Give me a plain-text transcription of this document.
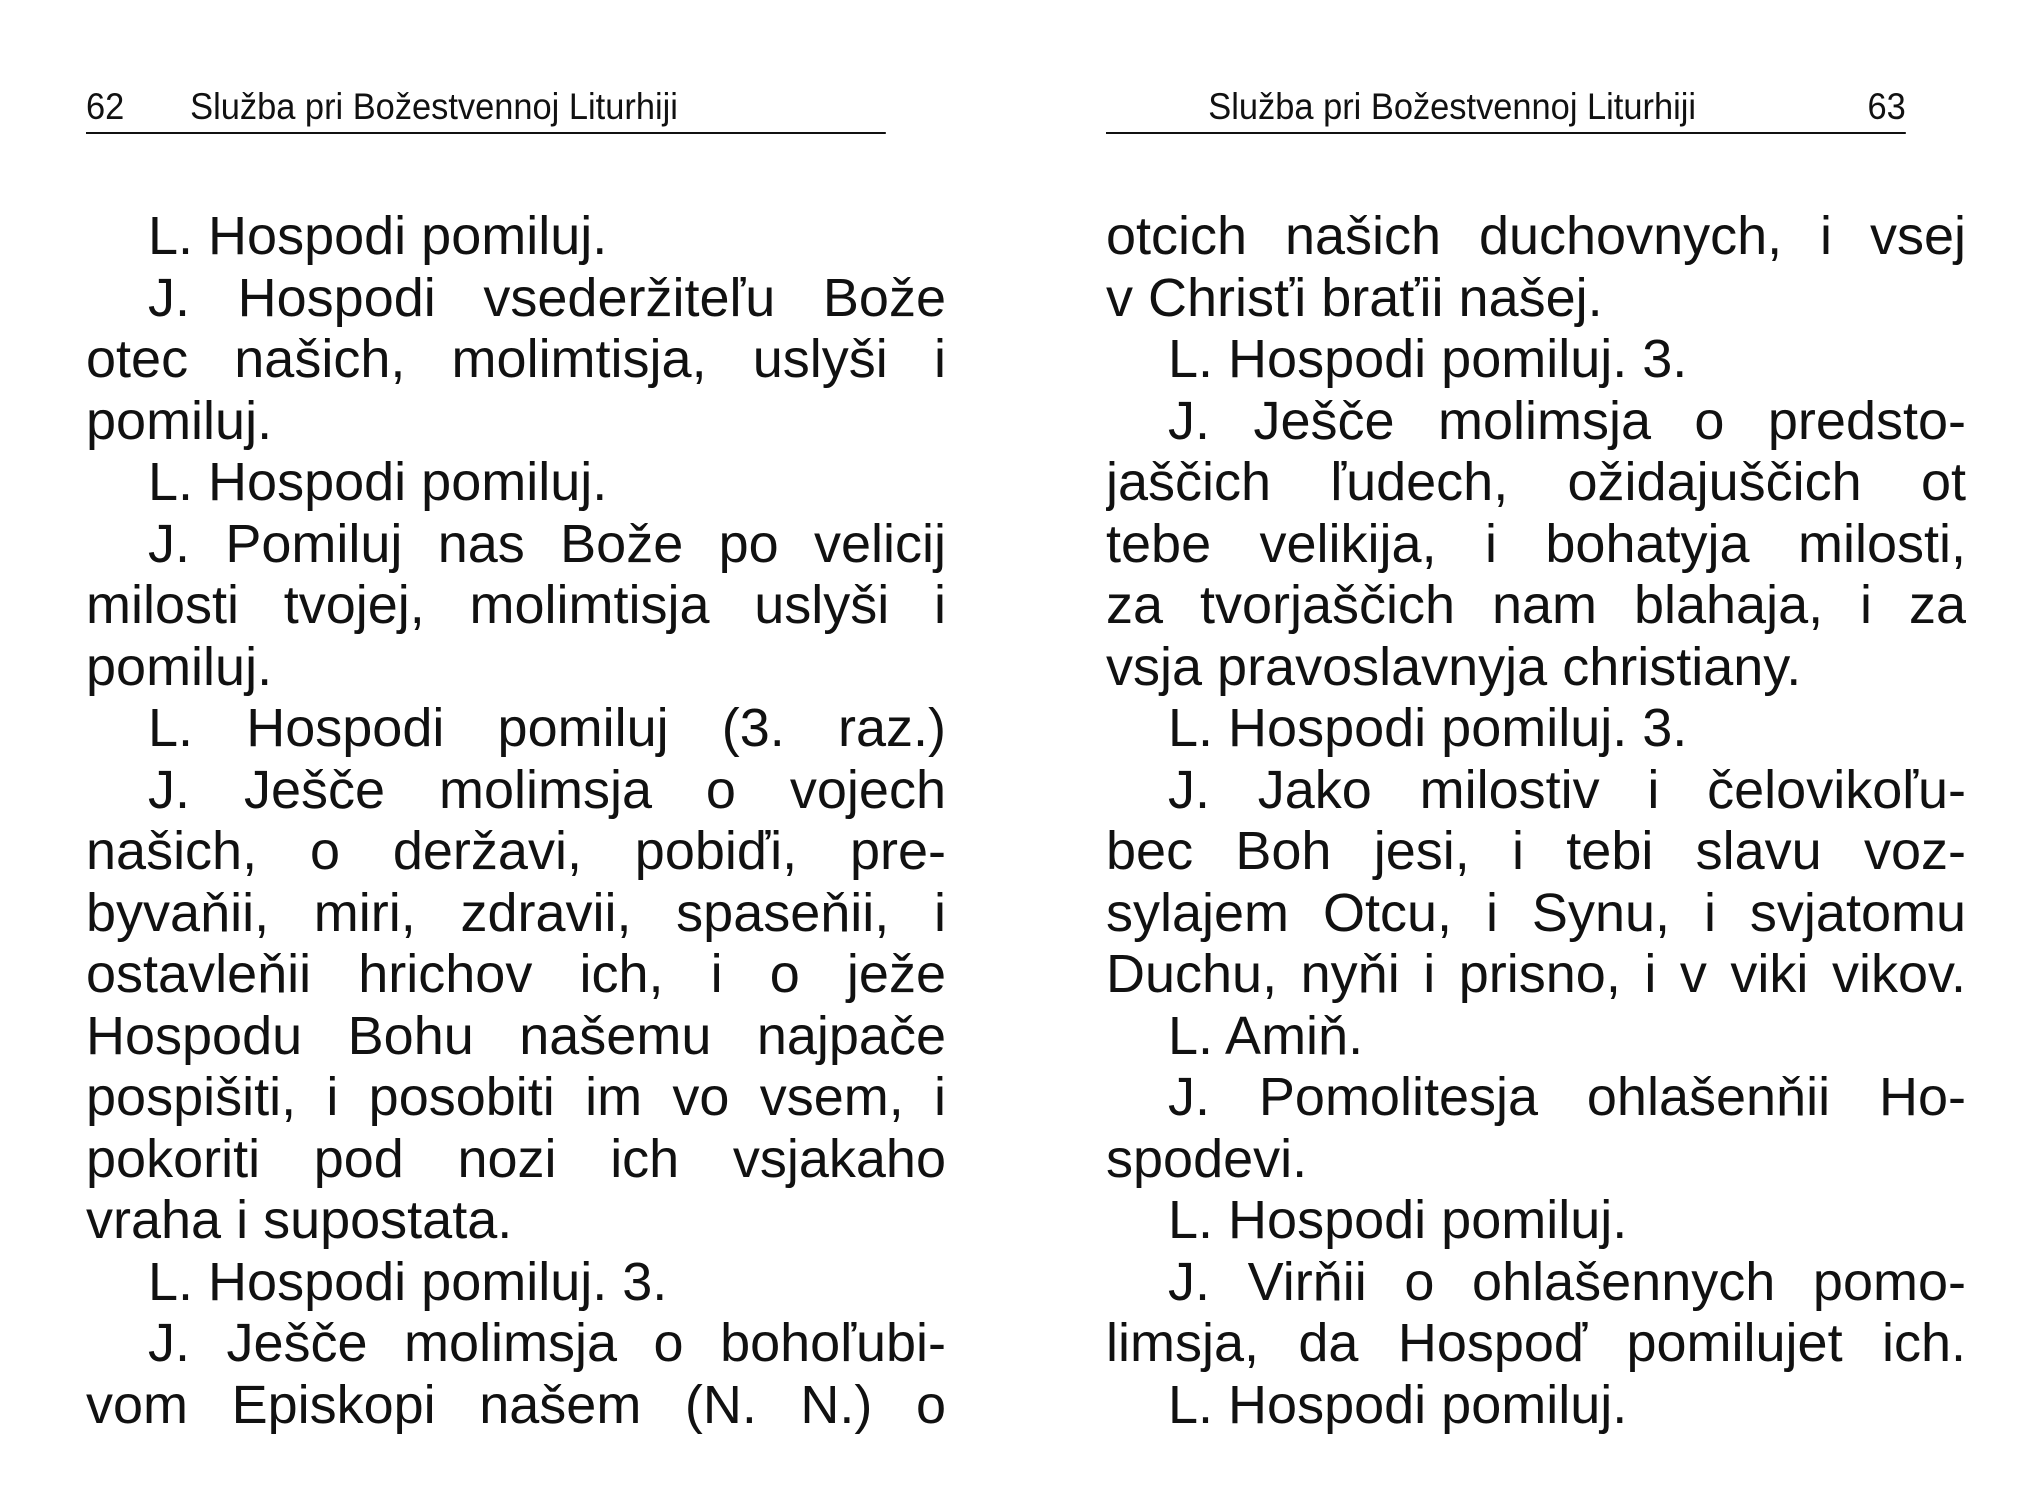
62 Služba pri Božestvennoj Liturhiji
L. Hospodi pomiluj.
J. Hospodi vsederžiteľu Bože
otec našich, molimtisja, uslyši i
pomiluj.
L. Hospodi pomiluj.
J. Pomiluj nas Bože po velicij
milosti tvojej, molimtisja uslyši i
pomiluj.
L. Hospodi pomiluj (3. raz.)
J. Ješče molimsja o vojech
našich, o deržavi, pobiďi, pre-
byvaňii, miri, zdravii, spaseňii, i
ostavleňii hrichov ich, i o ježe
Hospodu Bohu našemu najpače
pospišiti, i posobiti im vo vsem, i
pokoriti pod nozi ich vsjakaho
vraha i supostata.
L. Hospodi pomiluj. 3.
J. Ješče molimsja o bohoľubi-
vom Episkopi našem (N. N.) o
Služba pri Božestvennoj Liturhiji	63
otcich našich duchovnych, i vsej
v Chrisťi braťii našej.
L. Hospodi pomiluj. 3.
J. Ješče molimsja o predsto-
jaščich ľudech, ožidajuščich ot
tebe velikija, i bohatyja milosti,
za tvorjaščich nam blahaja, i za
vsja pravoslavnyja christiany.
L. Hospodi pomiluj. 3.
J. Jako milostiv i čelovikoľu-
bec Boh jesi, i tebi slavu voz-
sylajem Otcu, i Synu, i svjatomu
Duchu, nyňi i prisno, i v viki vikov.
L. Amiň.
J. Pomolitesja ohlašenňii Ho-
spodevi.
L. Hospodi pomiluj.
J. Virňii o ohlašennych pomo-
limsja, da Hospoď pomilujet ich.
L. Hospodi pomiluj.
